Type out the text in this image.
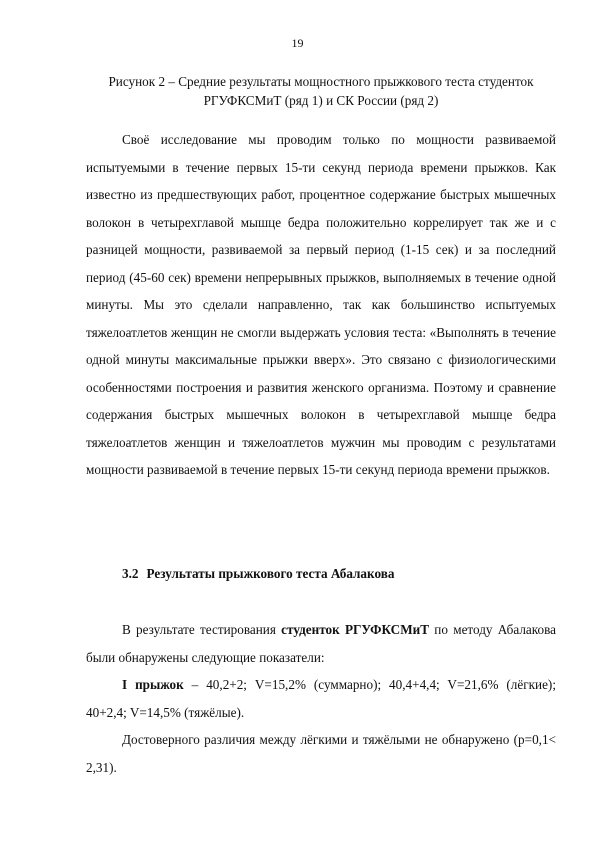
19
Рисунок 2 – Средние результаты мощностного прыжкового теста студенток
РГУФКСМиТ (ряд 1) и СК России (ряд 2)

Своё исследование мы проводим только по мощности развиваемой испытуемыми в течение первых 15-ти секунд периода времени прыжков. Как известно из предшествующих работ, процентное содержание быстрых мышечных волокон в четырехглавой мышце бедра положительно коррелирует так же и с разницей мощности, развиваемой за первый период (1-15 сек) и за последний период (45-60 сек) времени непрерывных прыжков, выполняемых в течение одной минуты. Мы это сделали направленно, так как большинство испытуемых тяжелоатлетов женщин не смогли выдержать условия теста: «Выполнять в течение одной минуты максимальные прыжки вверх». Это связано с физиологическими особенностями построения и развития женского организма. Поэтому и сравнение содержания быстрых мышечных волокон в четырехглавой мышце бедра тяжелоатлетов женщин и тяжелоатлетов мужчин мы проводим с результатами мощности развиваемой в течение первых 15-ти секунд периода времени прыжков.

3.2 Результаты прыжкового теста Абалакова

В результате тестирования студенток РГУФКСМиТ по методу Абалакова были обнаружены следующие показатели:

I прыжок – 40,2+2; V=15,2% (суммарно); 40,4+4,4; V=21,6% (лёгкие); 40+2,4; V=14,5% (тяжёлые).

Достоверного различия между лёгкими и тяжёлыми не обнаружено (р=0,1< 2,31).
